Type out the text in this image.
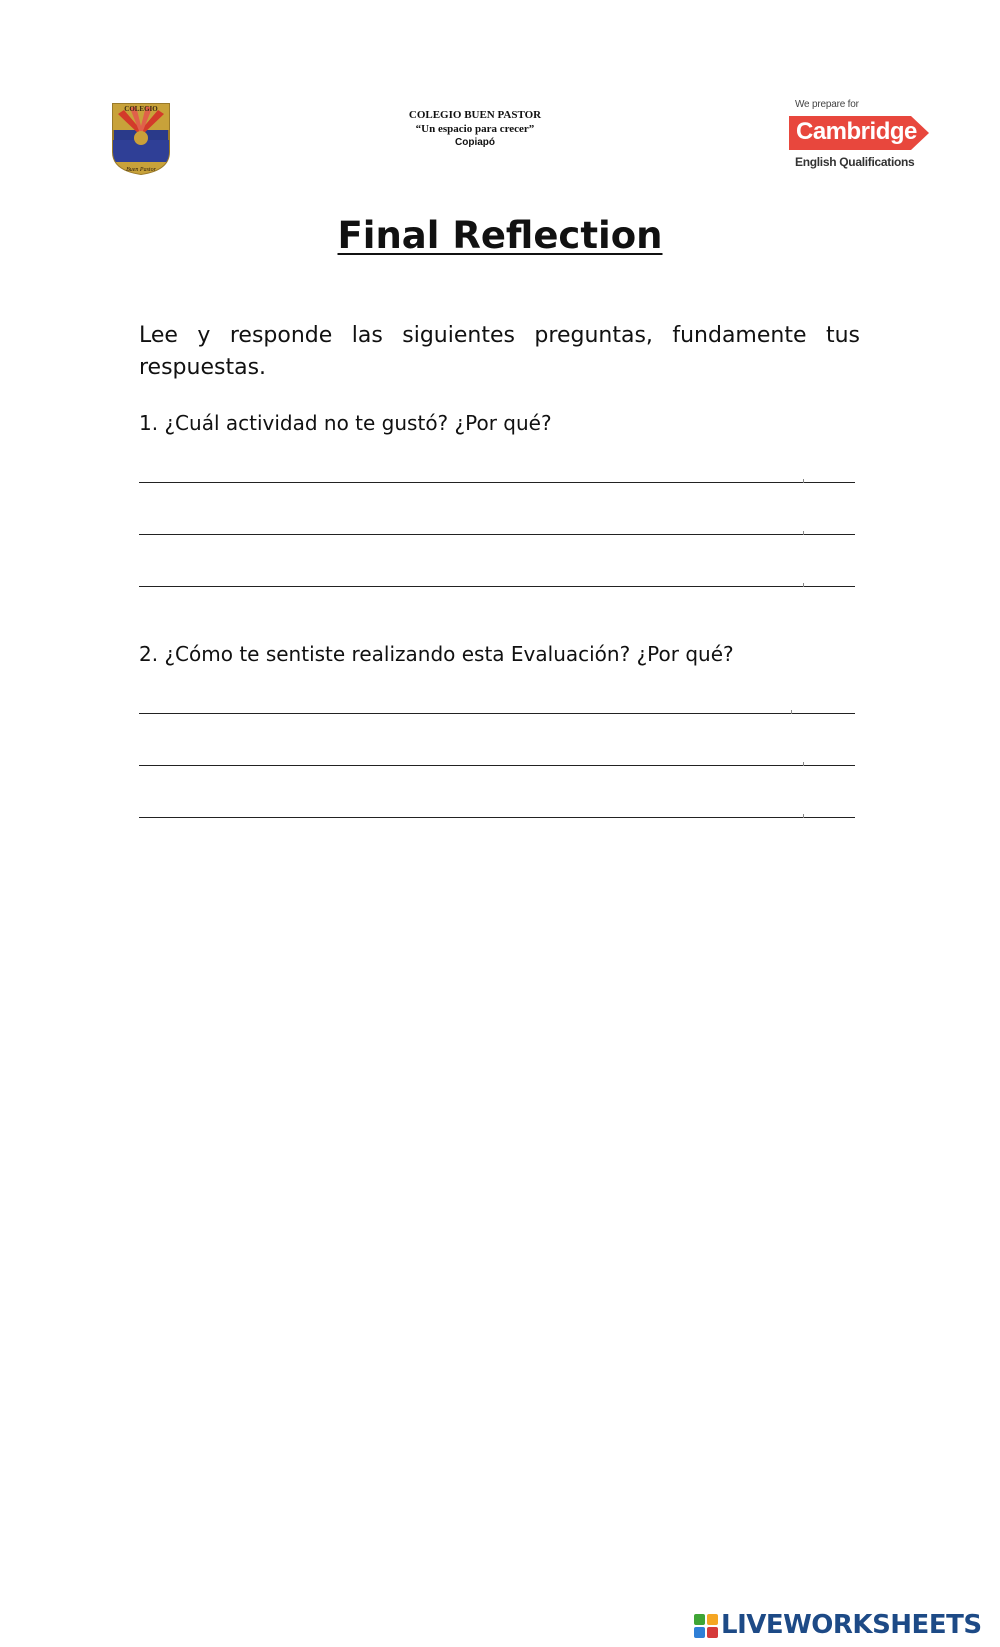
COLEGIO
Buen Pastor
COLEGIO BUEN PASTOR
“Un espacio para crecer”
Copiapó
We prepare for
Cambridge
English Qualifications
Final Reflection
Lee y responde las siguientes preguntas, fundamente tus respuestas.
1. ¿Cuál actividad no te gustó? ¿Por qué?
2. ¿Cómo te sentiste realizando esta Evaluación? ¿Por qué?
LIVEWORKSHEETS
